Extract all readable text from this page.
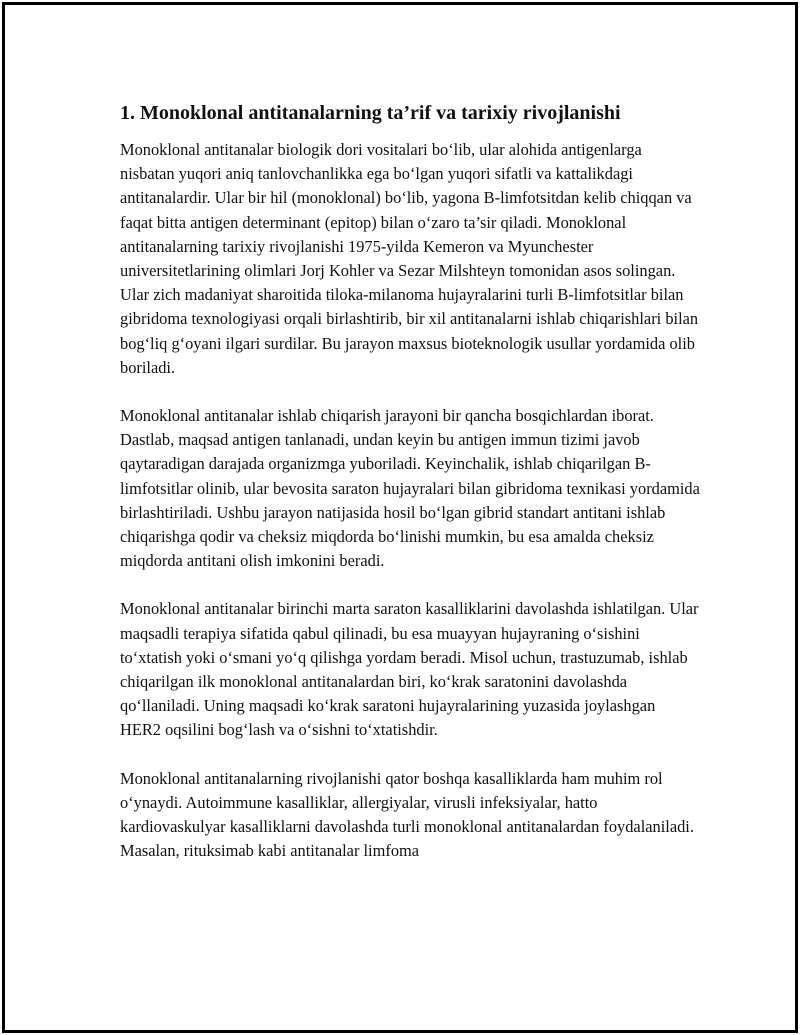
1. Monoklonal antitanalarning ta’rif va tarixiy rivojlanishi

Monoklonal antitanalar biologik dori vositalari bo‘lib, ular alohida antigenlarga nisbatan yuqori aniq tanlovchanlikka ega bo‘lgan yuqori sifatli va kattalikdagi antitanalardir. Ular bir hil (monoklonal) bo‘lib, yagona B-limfotsitdan kelib chiqqan va faqat bitta antigen determinant (epitop) bilan o‘zaro ta’sir qiladi. Monoklonal antitanalarning tarixiy rivojlanishi 1975-yilda Kemeron va Myunchester universitetlarining olimlari Jorj Kohler va Sezar Milshteyn tomonidan asos solingan. Ular zich madaniyat sharoitida tiloka-milanoma hujayralarini turli B-limfotsitlar bilan gibridoma texnologiyasi orqali birlashtirib, bir xil antitanalarni ishlab chiqarishlari bilan bog‘liq g‘oyani ilgari surdilar. Bu jarayon maxsus bioteknologik usullar yordamida olib boriladi.

Monoklonal antitanalar ishlab chiqarish jarayoni bir qancha bosqichlardan iborat. Dastlab, maqsad antigen tanlanadi, undan keyin bu antigen immun tizimi javob qaytaradigan darajada organizmga yuboriladi. Keyinchalik, ishlab chiqarilgan B-limfotsitlar olinib, ular bevosita saraton hujayralari bilan gibridoma texnikasi yordamida birlashtiriladi. Ushbu jarayon natijasida hosil bo‘lgan gibrid standart antitani ishlab chiqarishga qodir va cheksiz miqdorda bo‘linishi mumkin, bu esa amalda cheksiz miqdorda antitani olish imkonini beradi.

Monoklonal antitanalar birinchi marta saraton kasalliklarini davolashda ishlatilgan. Ular maqsadli terapiya sifatida qabul qilinadi, bu esa muayyan hujayraning o‘sishini to‘xtatish yoki o‘smani yo‘q qilishga yordam beradi. Misol uchun, trastuzumab, ishlab chiqarilgan ilk monoklonal antitanalardan biri, ko‘krak saratonini davolashda qo‘llaniladi. Uning maqsadi ko‘krak saratoni hujayralarining yuzasida joylashgan HER2 oqsilini bog‘lash va o‘sishni to‘xtatishdir.

Monoklonal antitanalarning rivojlanishi qator boshqa kasalliklarda ham muhim rol o‘ynaydi. Autoimmune kasalliklar, allergiyalar, virusli infeksiyalar, hatto kardiovaskulyar kasalliklarni davolashda turli monoklonal antitanalardan foydalaniladi. Masalan, rituksimab kabi antitanalar limfoma
